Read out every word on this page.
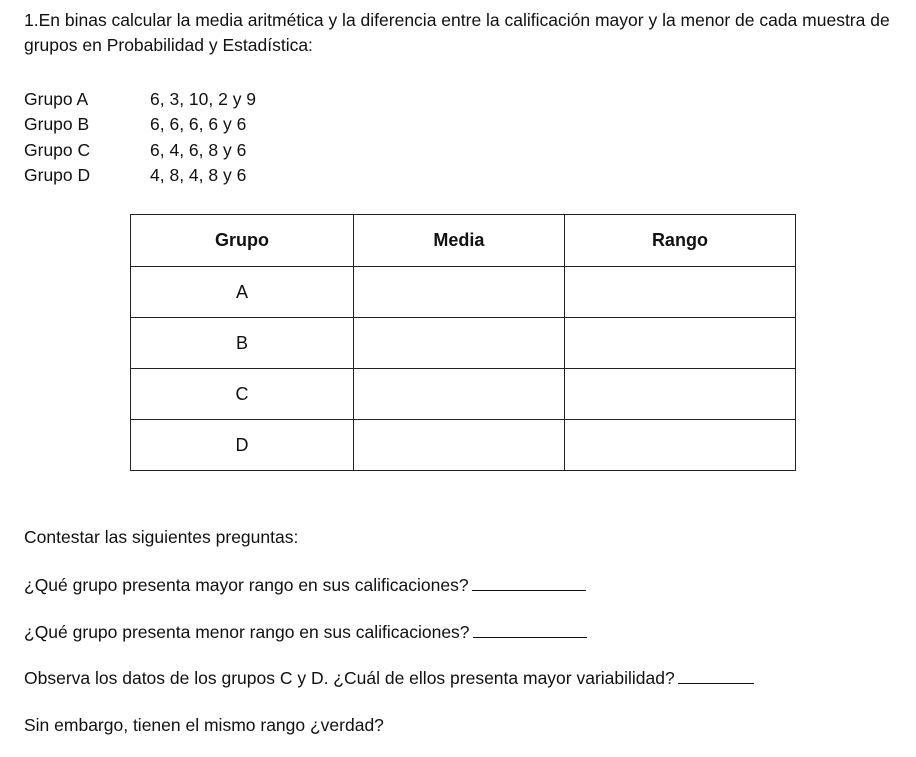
1.En binas calcular la media aritmética y la diferencia entre la calificación mayor y la menor de cada muestra de grupos en Probabilidad y Estadística:

Grupo A	6, 3, 10, 2 y 9
Grupo B	6, 6, 6, 6 y 6
Grupo C	6, 4, 6, 8 y 6
Grupo D	4, 8, 4, 8 y 6
Grupo	Media	Rango
A		
B		
C		
D		

Contestar las siguientes preguntas:

¿Qué grupo presenta mayor rango en sus calificaciones?

¿Qué grupo presenta menor rango en sus calificaciones?

Observa los datos de los grupos C y D. ¿Cuál de ellos presenta mayor variabilidad?

Sin embargo, tienen el mismo rango ¿verdad?
